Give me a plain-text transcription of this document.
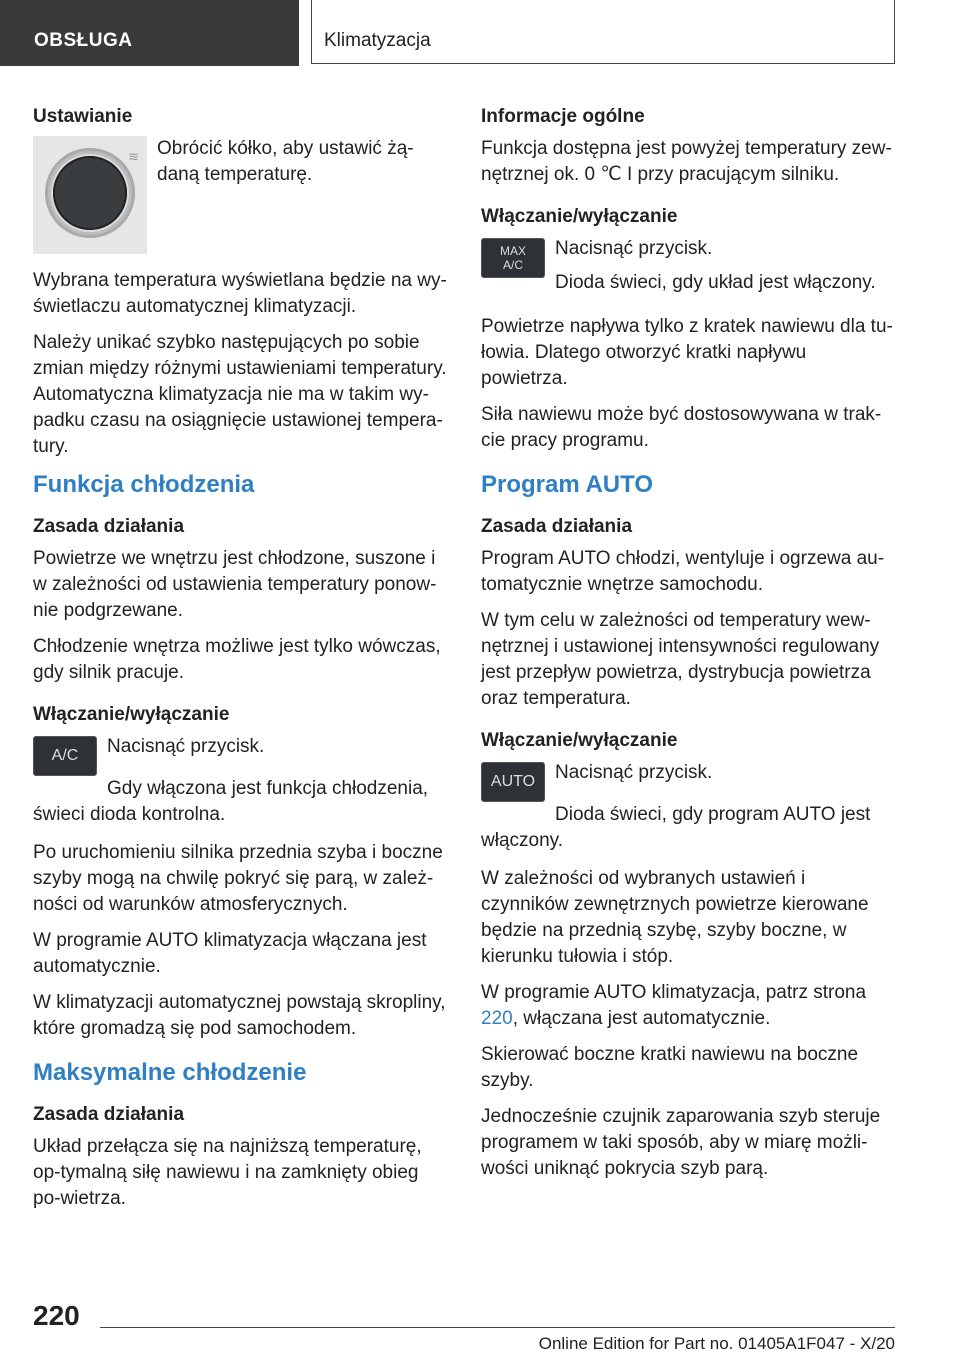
OBSŁUGA	Klimatyzacja

Ustawianie

≋ Obrócić kółko, aby ustawić żą-daną temperaturę.

Wybrana temperatura wyświetlana będzie na wy-świetlaczu automatycznej klimatyzacji.

Należy unikać szybko następujących po sobie zmian między różnymi ustawieniami temperatury. Automatyczna klimatyzacja nie ma w takim wy-padku czasu na osiągnięcie ustawionej tempera-tury.

Funkcja chłodzenia

Zasada działania

Powietrze we wnętrzu jest chłodzone, suszone i w zależności od ustawienia temperatury ponow-nie podgrzewane.

Chłodzenie wnętrza możliwe jest tylko wówczas, gdy silnik pracuje.

Włączanie/wyłączanie

A/C	Nacisnąć przycisk.

Gdy włączona jest funkcja chłodzenia, świeci dioda kontrolna.

Po uruchomieniu silnika przednia szyba i boczne szyby mogą na chwilę pokryć się parą, w zależ-ności od warunków atmosferycznych.

W programie AUTO klimatyzacja włączana jest automatycznie.

W klimatyzacji automatycznej powstają skropliny, które gromadzą się pod samochodem.

Maksymalne chłodzenie

Zasada działania

Układ przełącza się na najniższą temperaturę, op-tymalną siłę nawiewu i na zamknięty obieg po-wietrza.

Informacje ogólne

Funkcja dostępna jest powyżej temperatury zew-nętrznej ok. 0 ℃ I przy pracującym silniku.

Włączanie/wyłączanie

MAX
A/C

Nacisnąć przycisk.

Dioda świeci, gdy układ jest włączony.

Powietrze napływa tylko z kratek nawiewu dla tu-łowia. Dlatego otworzyć kratki napływu powietrza.

Siła nawiewu może być dostosowywana w trak-cie pracy programu.

Program AUTO

Zasada działania

Program AUTO chłodzi, wentyluje i ogrzewa au-tomatycznie wnętrze samochodu.

W tym celu w zależności od temperatury wew-nętrznej i ustawionej intensywności regulowany jest przepływ powietrza, dystrybucja powietrza oraz temperatura.

Włączanie/wyłączanie

AUTO	Nacisnąć przycisk.

Dioda świeci, gdy program AUTO jest włączony.

W zależności od wybranych ustawień i czynników zewnętrznych powietrze kierowane będzie na przednią szybę, szyby boczne, w kierunku tułowia i stóp.

W programie AUTO klimatyzacja, patrz strona 220, włączana jest automatycznie.

Skierować boczne kratki nawiewu na boczne szyby.

Jednocześnie czujnik zaparowania szyb steruje programem w taki sposób, aby w miarę możli-wości uniknąć pokrycia szyb parą.

220
Online Edition for Part no. 01405A1F047 - X/20
